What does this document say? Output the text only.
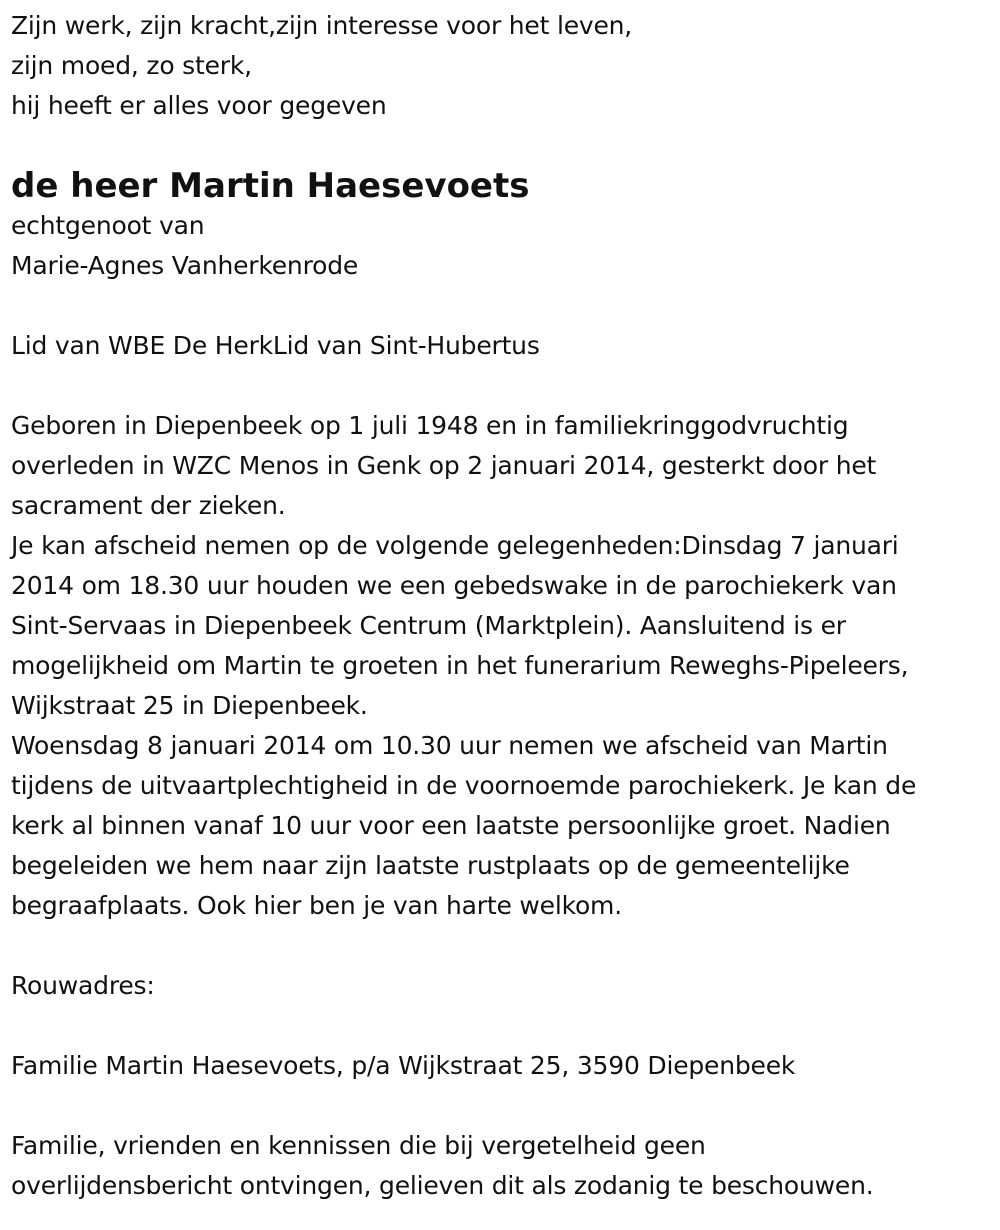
Zijn werk, zijn kracht,zijn interesse voor het leven,
zijn moed, zo sterk,
hij heeft er alles voor gegeven
de heer Martin Haesevoets
echtgenoot van
Marie-Agnes Vanherkenrode
Lid van WBE De HerkLid van Sint-Hubertus
Geboren in Diepenbeek op 1 juli 1948 en in familiekringgodvruchtig
overleden in WZC Menos in Genk op 2 januari 2014, gesterkt door het
sacrament der zieken.
Je kan afscheid nemen op de volgende gelegenheden:Dinsdag 7 januari
2014 om 18.30 uur houden we een gebedswake in de parochiekerk van
Sint-Servaas in Diepenbeek Centrum (Marktplein). Aansluitend is er
mogelijkheid om Martin te groeten in het funerarium Reweghs-Pipeleers,
Wijkstraat 25 in Diepenbeek.
Woensdag 8 januari 2014 om 10.30 uur nemen we afscheid van Martin
tijdens de uitvaartplechtigheid in de voornoemde parochiekerk. Je kan de
kerk al binnen vanaf 10 uur voor een laatste persoonlijke groet. Nadien
begeleiden we hem naar zijn laatste rustplaats op de gemeentelijke
begraafplaats. Ook hier ben je van harte welkom.
Rouwadres:
Familie Martin Haesevoets, p/a Wijkstraat 25, 3590 Diepenbeek
Familie, vrienden en kennissen die bij vergetelheid geen
overlijdensbericht ontvingen, gelieven dit als zodanig te beschouwen.
